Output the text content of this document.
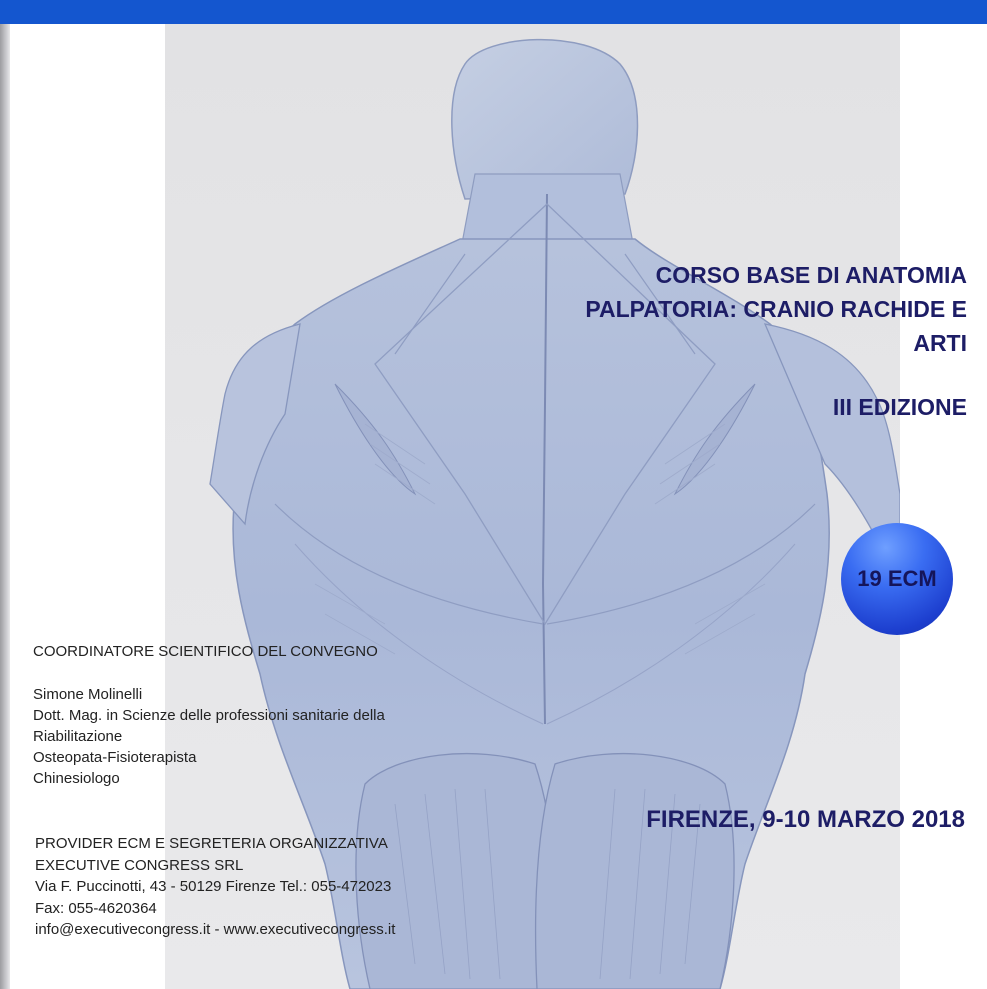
CORSO BASE DI ANATOMIA
PALPATORIA: CRANIO RACHIDE E
ARTI
III EDIZIONE
19 ECM
FIRENZE, 9-10 MARZO 2018
COORDINATORE SCIENTIFICO DEL CONVEGNO
Simone Molinelli
Dott. Mag. in Scienze delle professioni sanitarie della
Riabilitazione
Osteopata-Fisioterapista
Chinesiologo
PROVIDER ECM E SEGRETERIA ORGANIZZATIVA
EXECUTIVE CONGRESS SRL
Via F. Puccinotti, 43 - 50129 Firenze Tel.: 055-472023
Fax: 055-4620364
info@executivecongress.it - www.executivecongress.it
